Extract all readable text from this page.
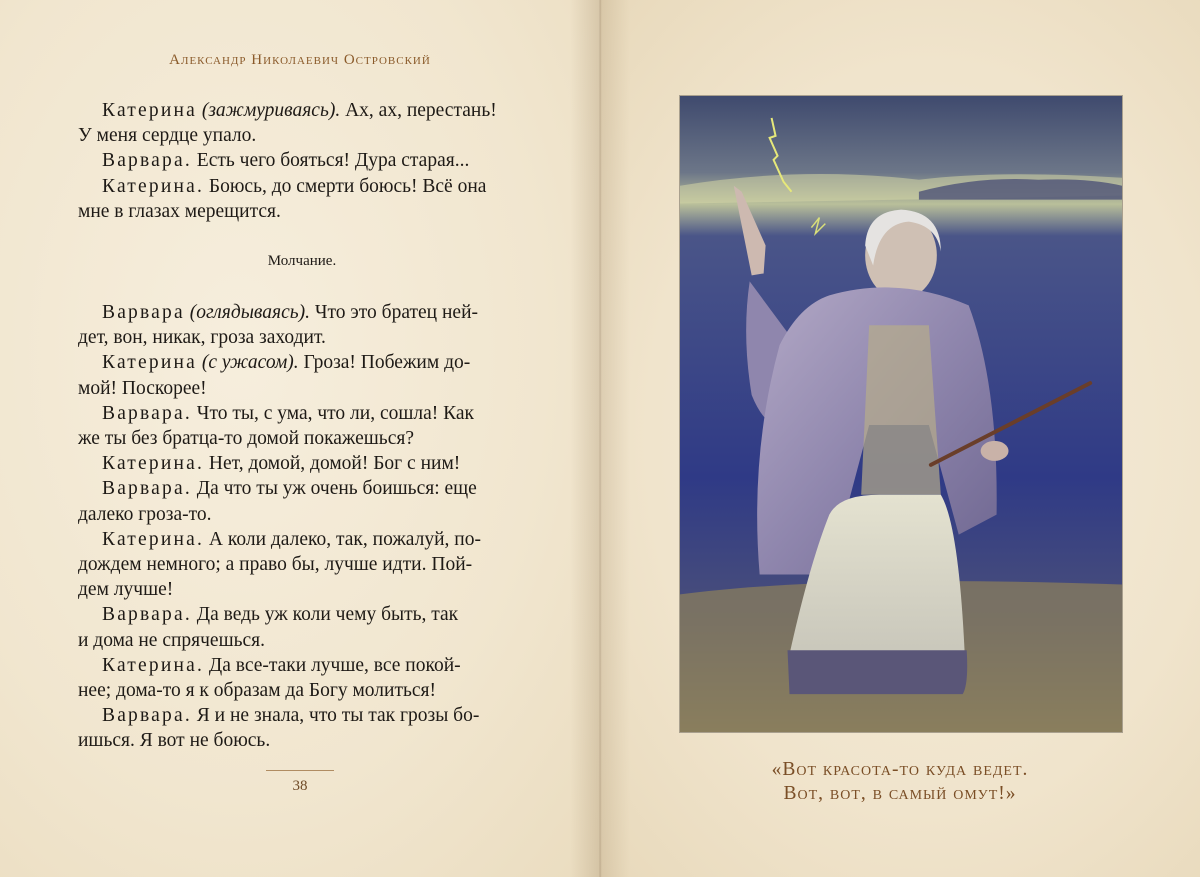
Александр Николаевич Островский

Катерина (зажмуриваясь). Ах, ах, перестань!
У меня сердце упало.

Варвара. Есть чего бояться! Дура старая...

Катерина. Боюсь, до смерти боюсь! Всё она
мне в глазах мерещится.

Молчание.

Варвара (оглядываясь). Что это братец ней-
дет, вон, никак, гроза заходит.

Катерина (с ужасом). Гроза! Побежим до-
мой! Поскорее!

Варвара. Что ты, с ума, что ли, сошла! Как
же ты без братца-то домой покажешься?

Катерина. Нет, домой, домой! Бог с ним!

Варвара. Да что ты уж очень боишься: еще
далеко гроза-то.

Катерина. А коли далеко, так, пожалуй, по-
дождем немного; а право бы, лучше идти. Пой-
дем лучше!

Варвара. Да ведь уж коли чему быть, так
и дома не спрячешься.

Катерина. Да все-таки лучше, все покой-
нее; дома-то я к образам да Богу молиться!

Варвара. Я и не знала, что ты так грозы бо-
ишься. Я вот не боюсь.

38
«Вот красота-то куда ведет.
Вот, вот, в самый омут!»
